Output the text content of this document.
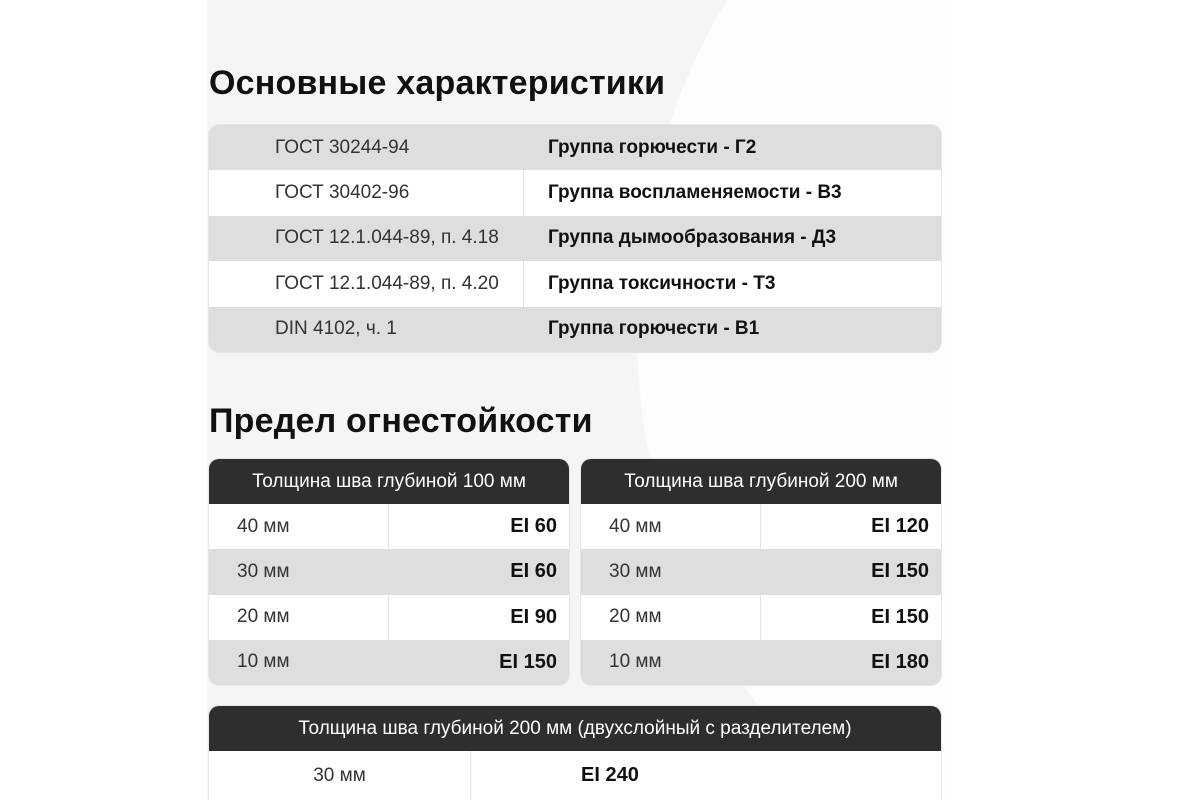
Основные характеристики
ГОСТ 30244-94	Группа горючести - Г2
ГОСТ 30402-96	Группа воспламеняемости - В3
ГОСТ 12.1.044-89, п. 4.18	Группа дымообразования - Д3
ГОСТ 12.1.044-89, п. 4.20	Группа токсичности - Т3
DIN 4102, ч. 1	Группа горючести - B1
Предел огнестойкости
Толщина шва глубиной 100 мм
40 мм	EI 60
30 мм	EI 60
20 мм	EI 90
10 мм	EI 150
Толщина шва глубиной 200 мм
40 мм	EI 120
30 мм	EI 150
20 мм	EI 150
10 мм	EI 180
Толщина шва глубиной 200 мм (двухслойный с разделителем)
30 мм	EI 240
